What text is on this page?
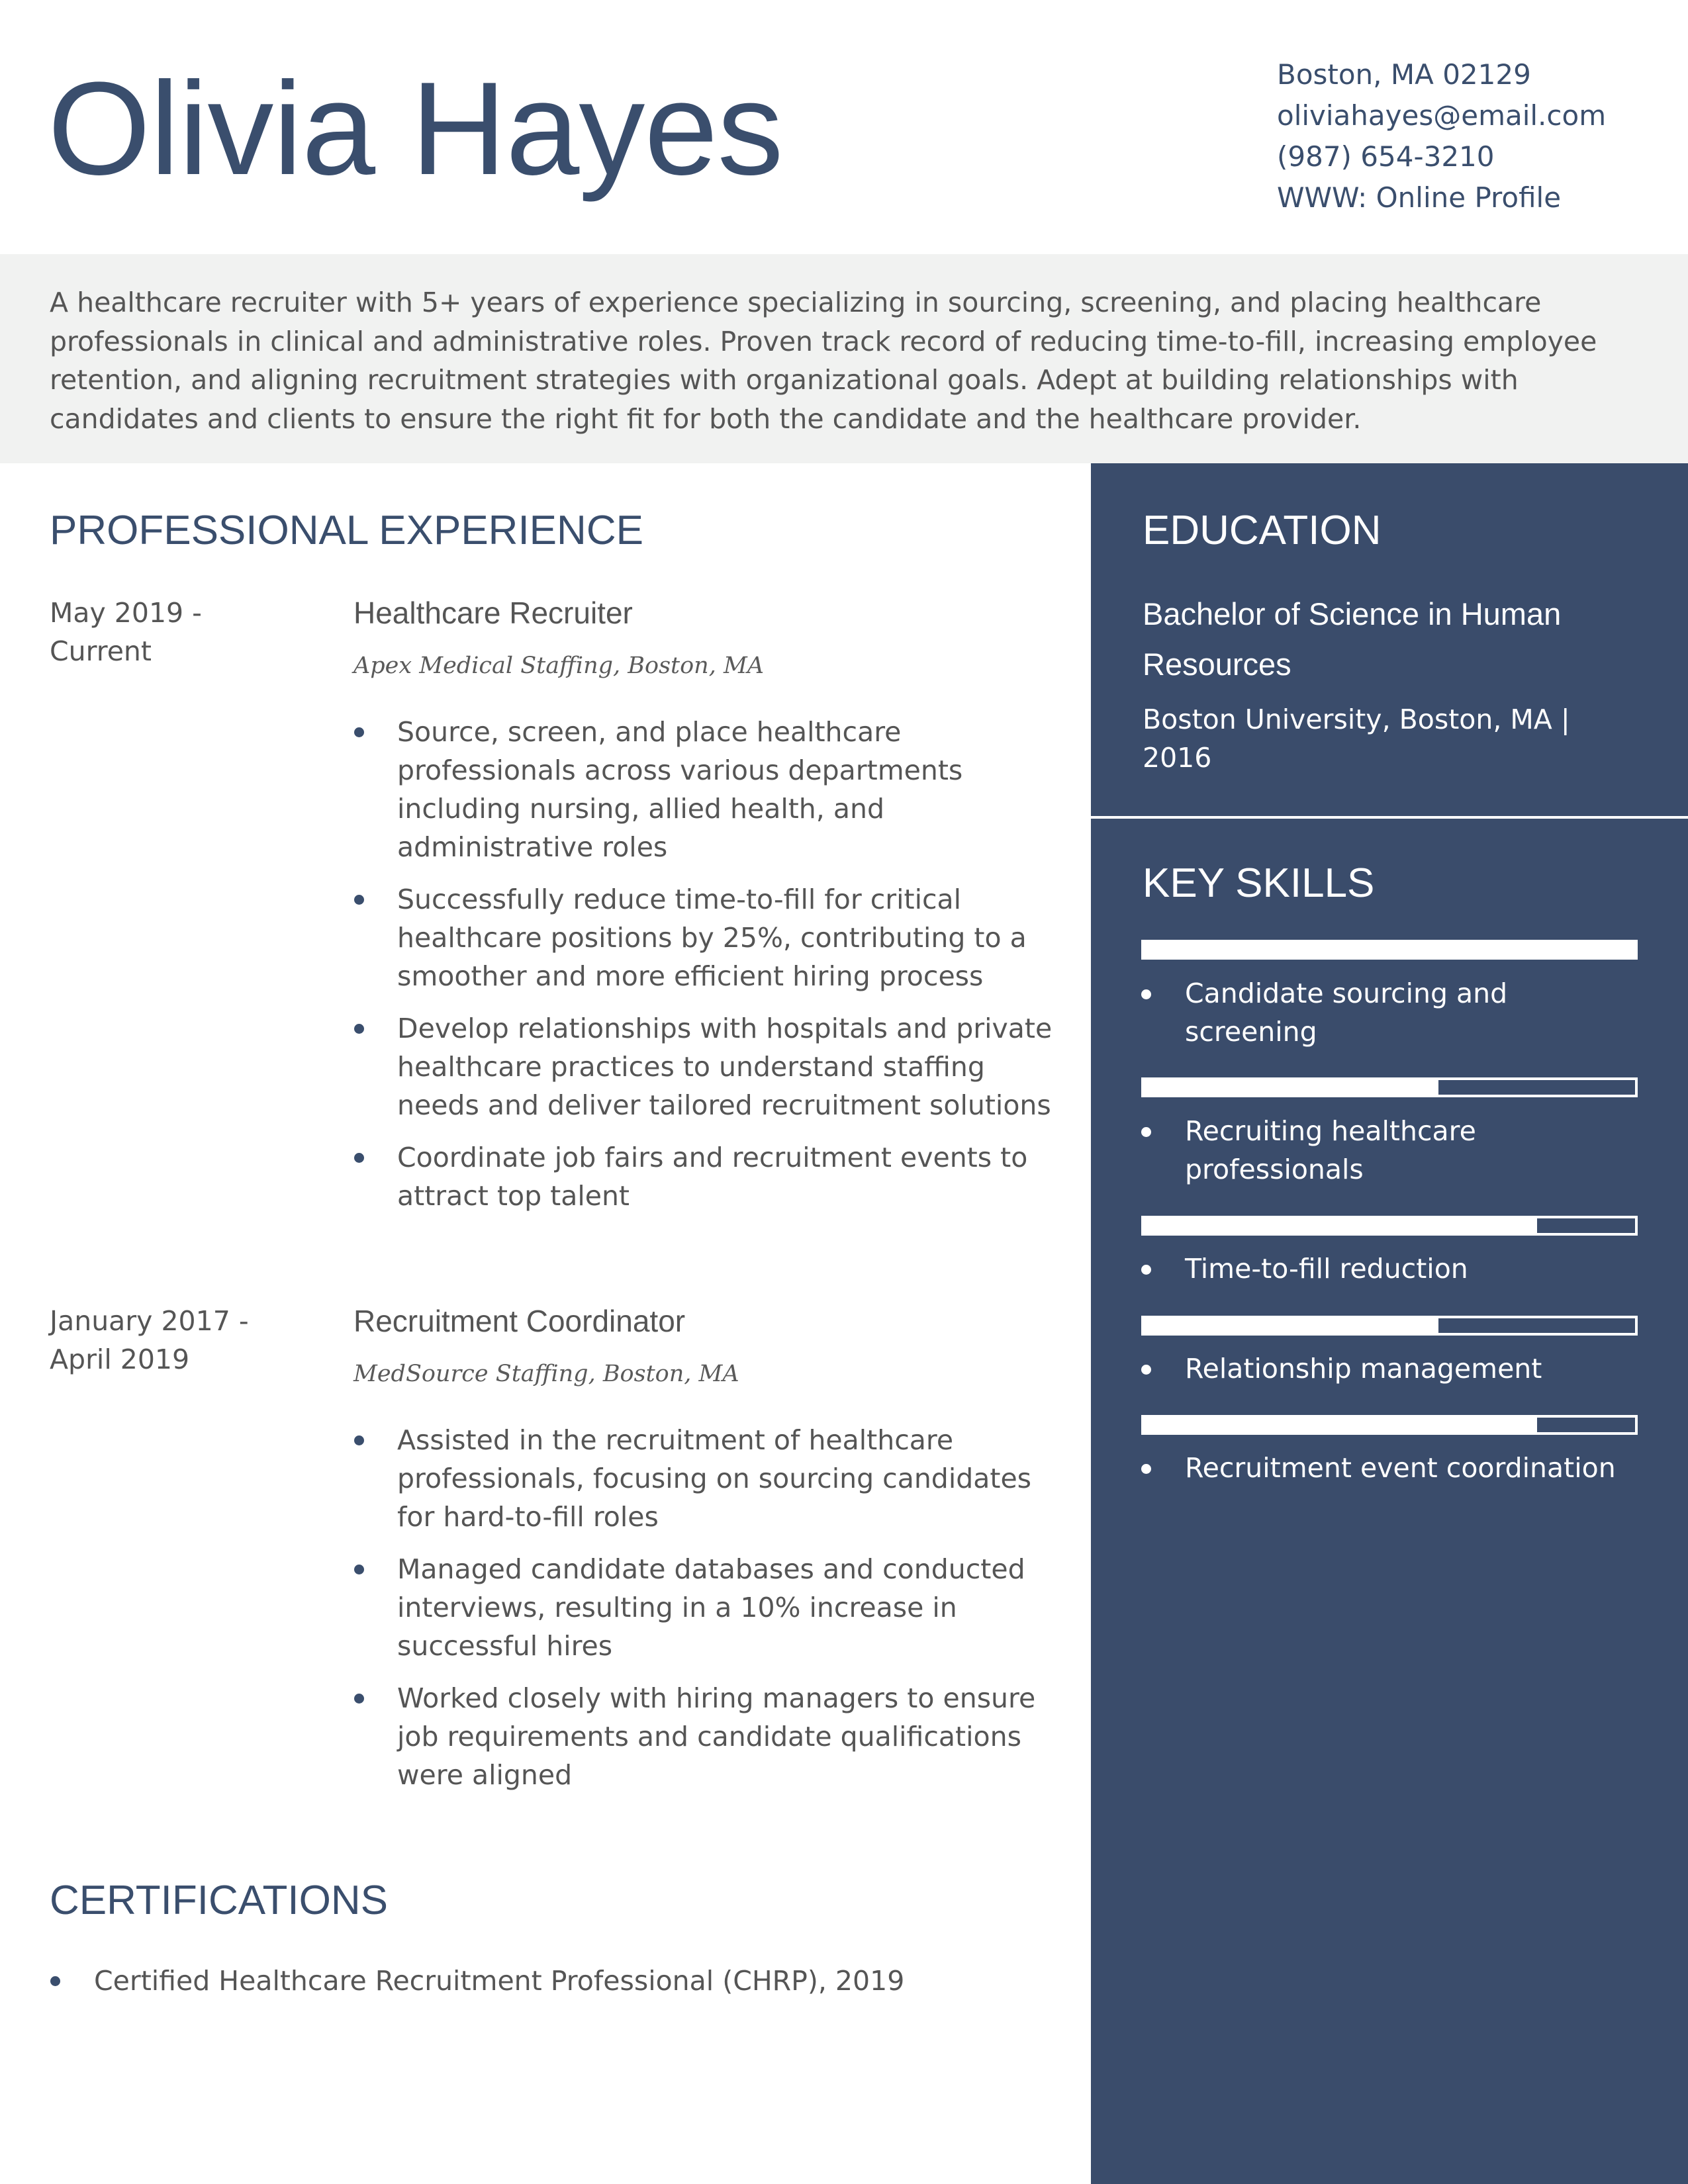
Olivia Hayes	Boston, MA 02129
oliviahayes@email.com
(987) 654-3210
WWW: Online Profile

A healthcare recruiter with 5+ years of experience specializing in sourcing, screening, and placing healthcare professionals in clinical and administrative roles. Proven track record of reducing time-to-fill, increasing employee retention, and aligning recruitment strategies with organizational goals. Adept at building relationships with candidates and clients to ensure the right fit for both the candidate and the healthcare provider.

PROFESSIONAL EXPERIENCE
May 2019 - Current
Healthcare Recruiter
Apex Medical Staffing, Boston, MA
Source, screen, and place healthcare professionals across various departments including nursing, allied health, and administrative roles
Successfully reduce time-to-fill for critical healthcare positions by 25%, contributing to a smoother and more efficient hiring process
Develop relationships with hospitals and private healthcare practices to understand staffing needs and deliver tailored recruitment solutions
Coordinate job fairs and recruitment events to attract top talent
January 2017 - April 2019
Recruitment Coordinator
MedSource Staffing, Boston, MA
Assisted in the recruitment of healthcare professionals, focusing on sourcing candidates for hard-to-fill roles
Managed candidate databases and conducted interviews, resulting in a 10% increase in successful hires
Worked closely with hiring managers to ensure job requirements and candidate qualifications were aligned
CERTIFICATIONS
Certified Healthcare Recruitment Professional (CHRP), 2019
EDUCATION
Bachelor of Science in Human Resources
Boston University, Boston, MA | 2016
KEY SKILLS
Candidate sourcing and screening
Recruiting healthcare professionals
Time-to-fill reduction
Relationship management
Recruitment event coordination
